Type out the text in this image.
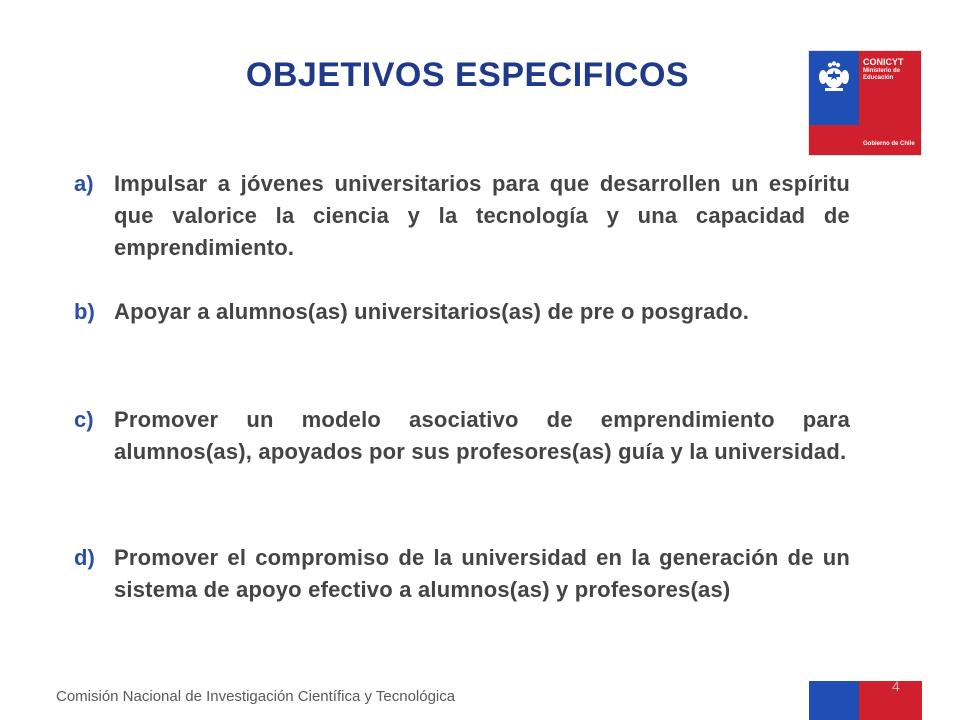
OBJETIVOS ESPECIFICOS	CONICYT
Ministerio de Educación
Gobierno de Chile
a) Impulsar a jóvenes universitarios para que desarrollen un espíritu que valorice la ciencia y la tecnología y una capacidad de emprendimiento.
b) Apoyar a alumnos(as) universitarios(as) de pre o posgrado.
c) Promover un modelo asociativo de emprendimiento para alumnos(as), apoyados por sus profesores(as) guía y la universidad.
d) Promover el compromiso de la universidad en la generación de un sistema de apoyo efectivo a alumnos(as) y profesores(as)
Comisión Nacional de Investigación Científica y Tecnológica
4
